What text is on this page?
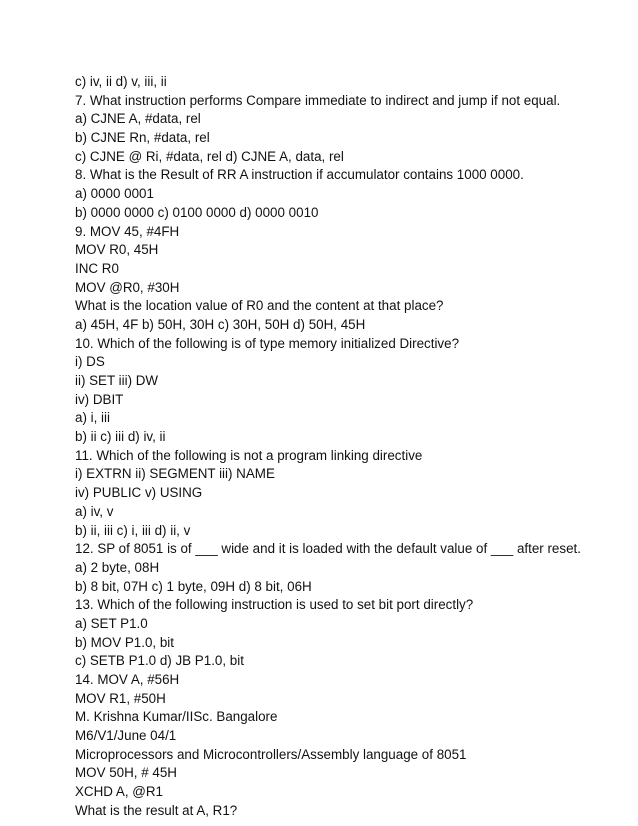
c) iv, ii d) v, iii, ii
7. What instruction performs Compare immediate to indirect and jump if not equal.
a) CJNE A, #data, rel
b) CJNE Rn, #data, rel
c) CJNE @ Ri, #data, rel d) CJNE A, data, rel
8. What is the Result of RR A instruction if accumulator contains 1000 0000.
a) 0000 0001
b) 0000 0000 c) 0100 0000 d) 0000 0010
9. MOV 45, #4FH
MOV R0, 45H
INC R0
MOV @R0, #30H
What is the location value of R0 and the content at that place?
a) 45H, 4F b) 50H, 30H c) 30H, 50H d) 50H, 45H
10. Which of the following is of type memory initialized Directive?
i) DS
ii) SET iii) DW
iv) DBIT
a) i, iii
b) ii c) iii d) iv, ii
11. Which of the following is not a program linking directive
i) EXTRN ii) SEGMENT iii) NAME
iv) PUBLIC v) USING
a) iv, v
b) ii, iii c) i, iii d) ii, v
12. SP of 8051 is of ___ wide and it is loaded with the default value of ___ after reset.
a) 2 byte, 08H
b) 8 bit, 07H c) 1 byte, 09H d) 8 bit, 06H
13. Which of the following instruction is used to set bit port directly?
a) SET P1.0
b) MOV P1.0, bit
c) SETB P1.0 d) JB P1.0, bit
14. MOV A, #56H
MOV R1, #50H
M. Krishna Kumar/IISc. Bangalore
M6/V1/June 04/1
Microprocessors and Microcontrollers/Assembly language of 8051
MOV 50H, # 45H
XCHD A, @R1
What is the result at A, R1?
